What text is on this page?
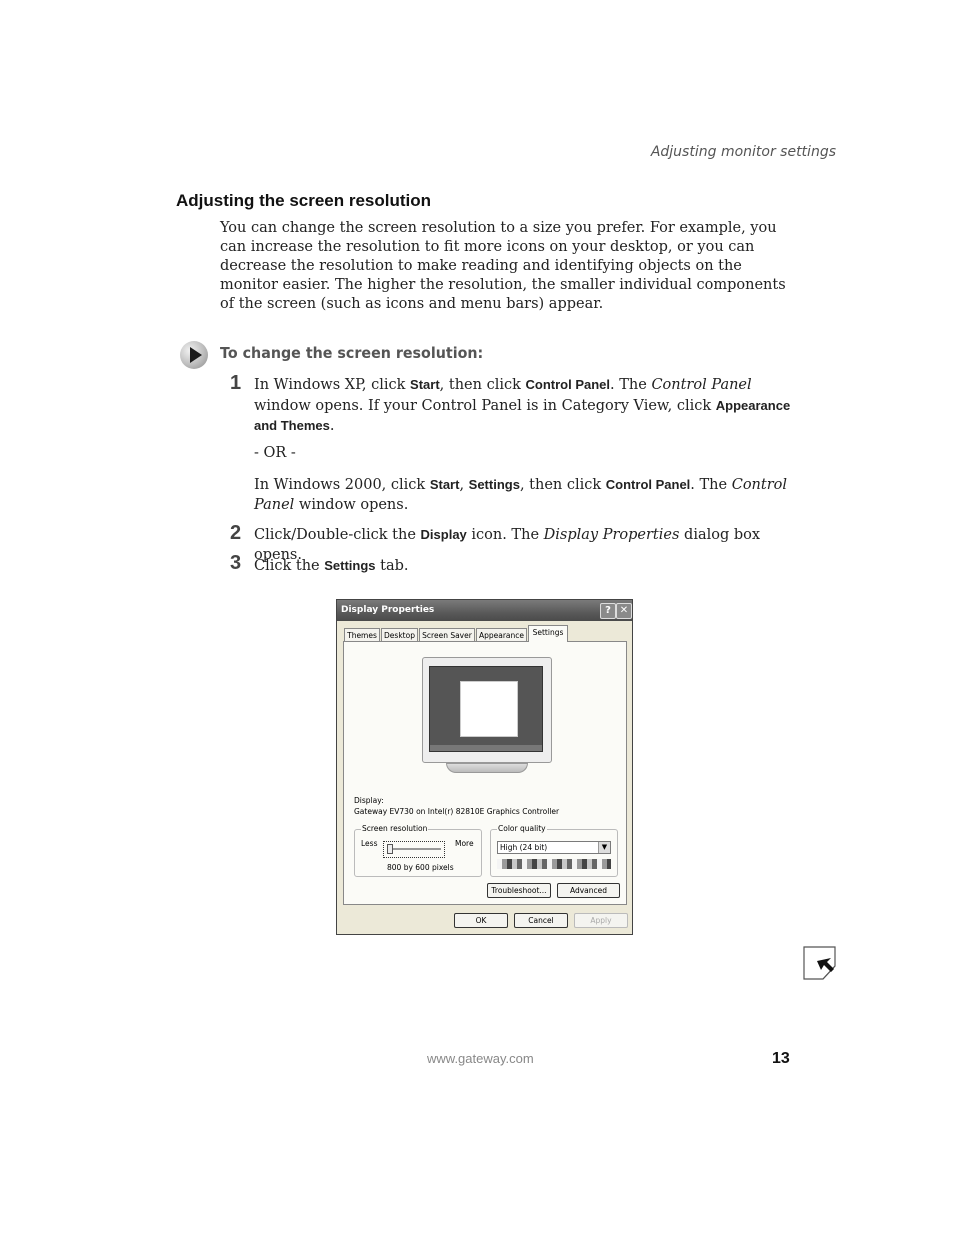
Adjusting monitor settings
Adjusting the screen resolution

You can change the screen resolution to a size you prefer. For example, you can increase the resolution to fit more icons on your desktop, or you can decrease the resolution to make reading and identifying objects on the monitor easier. The higher the resolution, the smaller individual components of the screen (such as icons and menu bars) appear.

To change the screen resolution:
1 In Windows XP, click Start, then click Control Panel. The Control Panel window opens. If your Control Panel is in Category View, click Appearance and Themes.
- OR -
In Windows 2000, click Start, Settings, then click Control Panel. The Control Panel window opens.
2 Click/Double-click the Display icon. The Display Properties dialog box opens.
3 Click the Settings tab.
Display Properties	? ✕
Themes Desktop Screen Saver Appearance	Settings
Display:
Gateway EV730 on Intel(r) 82810E Graphics Controller
Screen resolution
Less	More
800 by 600 pixels
Color quality
High (24 bit)	▼
Troubleshoot...	Advanced
OK	Cancel	Apply
www.gateway.com	13
